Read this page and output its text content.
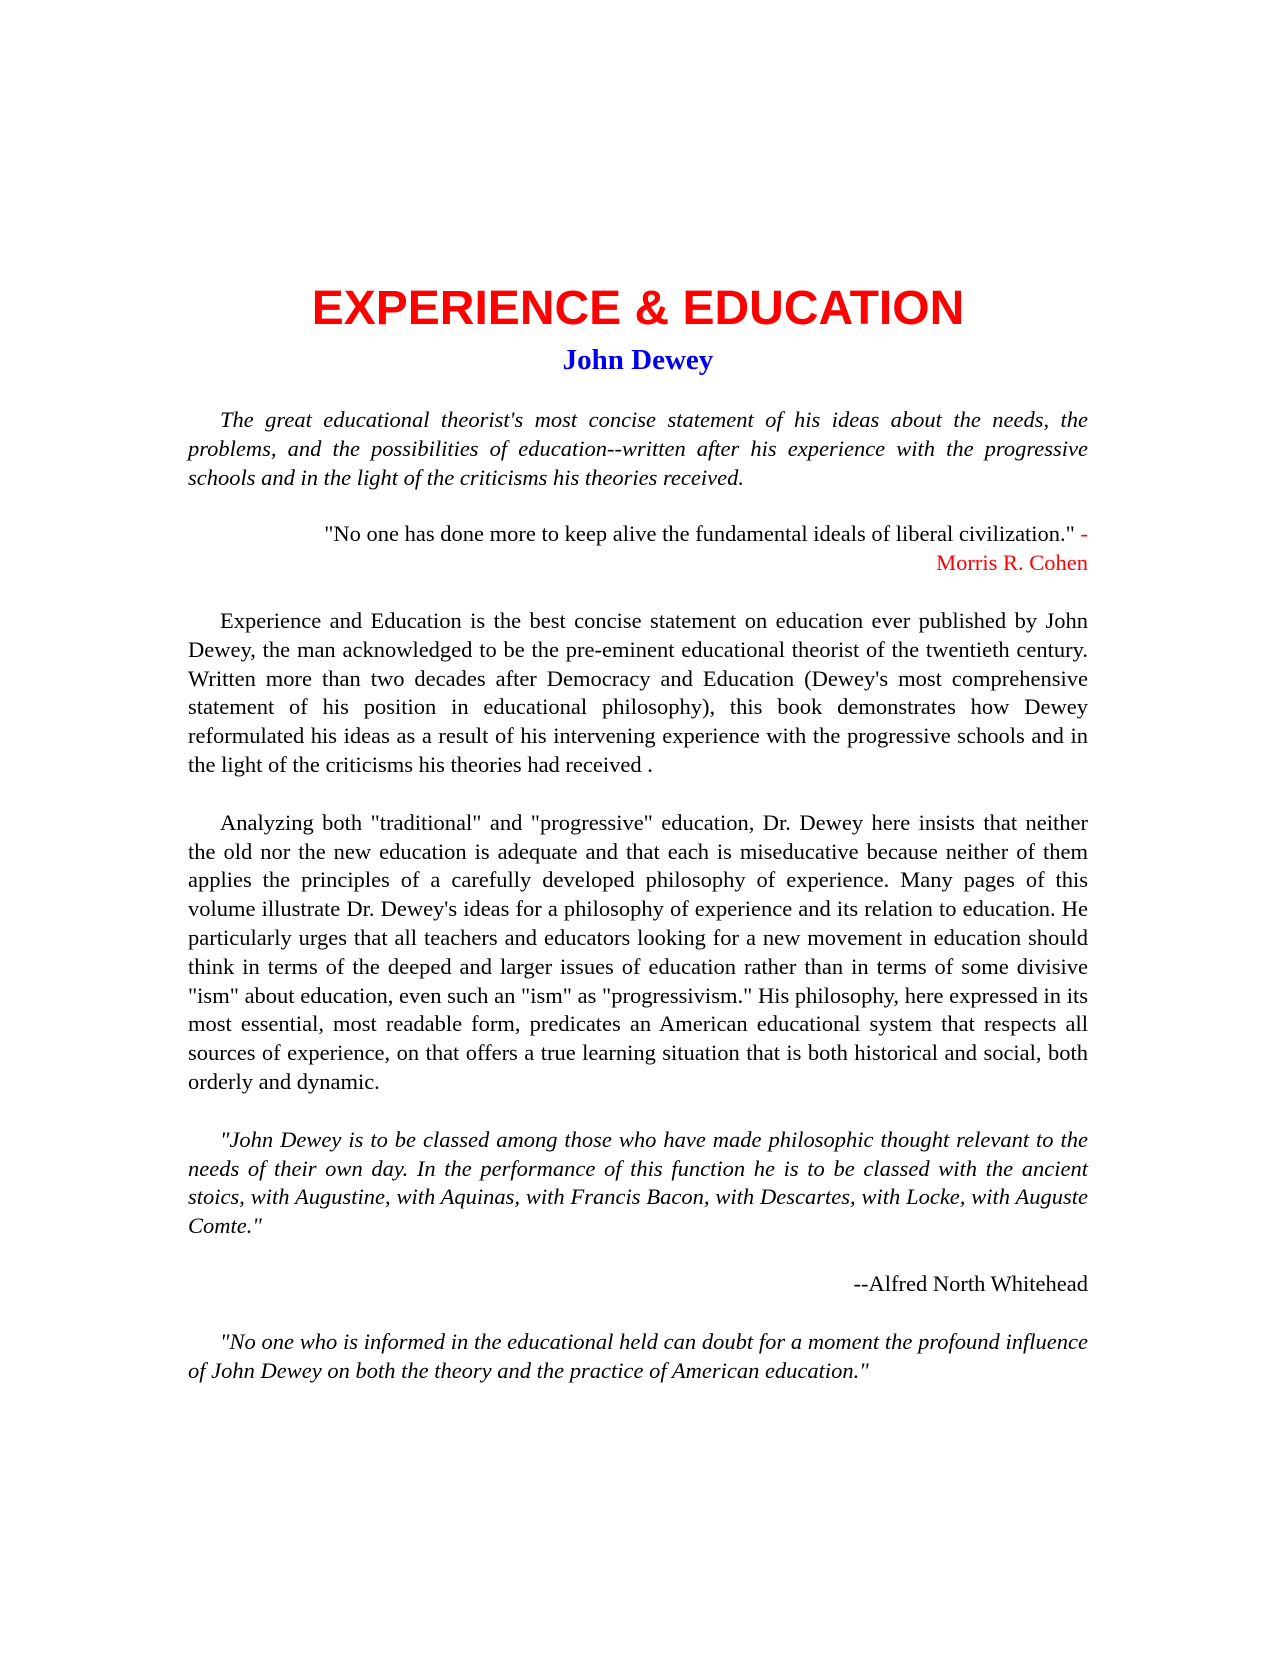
EXPERIENCE & EDUCATION
John Dewey

The great educational theorist's most concise statement of his ideas about the needs, the problems, and the possibilities of education--written after his experience with the progressive schools and in the light of the criticisms his theories received.

"No one has done more to keep alive the fundamental ideals of liberal civilization." -
Morris R. Cohen

Experience and Education is the best concise statement on education ever published by John Dewey, the man acknowledged to be the pre-eminent educational theorist of the twentieth century. Written more than two decades after Democracy and Education (Dewey's most comprehensive statement of his position in educational philosophy), this book demonstrates how Dewey reformulated his ideas as a result of his intervening experience with the progressive schools and in the light of the criticisms his theories had received .

Analyzing both "traditional" and "progressive" education, Dr. Dewey here insists that neither the old nor the new education is adequate and that each is miseducative because neither of them applies the principles of a carefully developed philosophy of experience. Many pages of this volume illustrate Dr. Dewey's ideas for a philosophy of experience and its relation to education. He particularly urges that all teachers and educators looking for a new movement in education should think in terms of the deeped and larger issues of education rather than in terms of some divisive "ism" about education, even such an "ism" as "progressivism." His philosophy, here expressed in its most essential, most readable form, predicates an American educational system that respects all sources of experience, on that offers a true learning situation that is both historical and social, both orderly and dynamic.

"John Dewey is to be classed among those who have made philosophic thought relevant to the needs of their own day. In the performance of this function he is to be classed with the ancient stoics, with Augustine, with Aquinas, with Francis Bacon, with Descartes, with Locke, with Auguste Comte."

--Alfred North Whitehead

"No one who is informed in the educational held can doubt for a moment the profound influence of John Dewey on both the theory and the practice of American education."
